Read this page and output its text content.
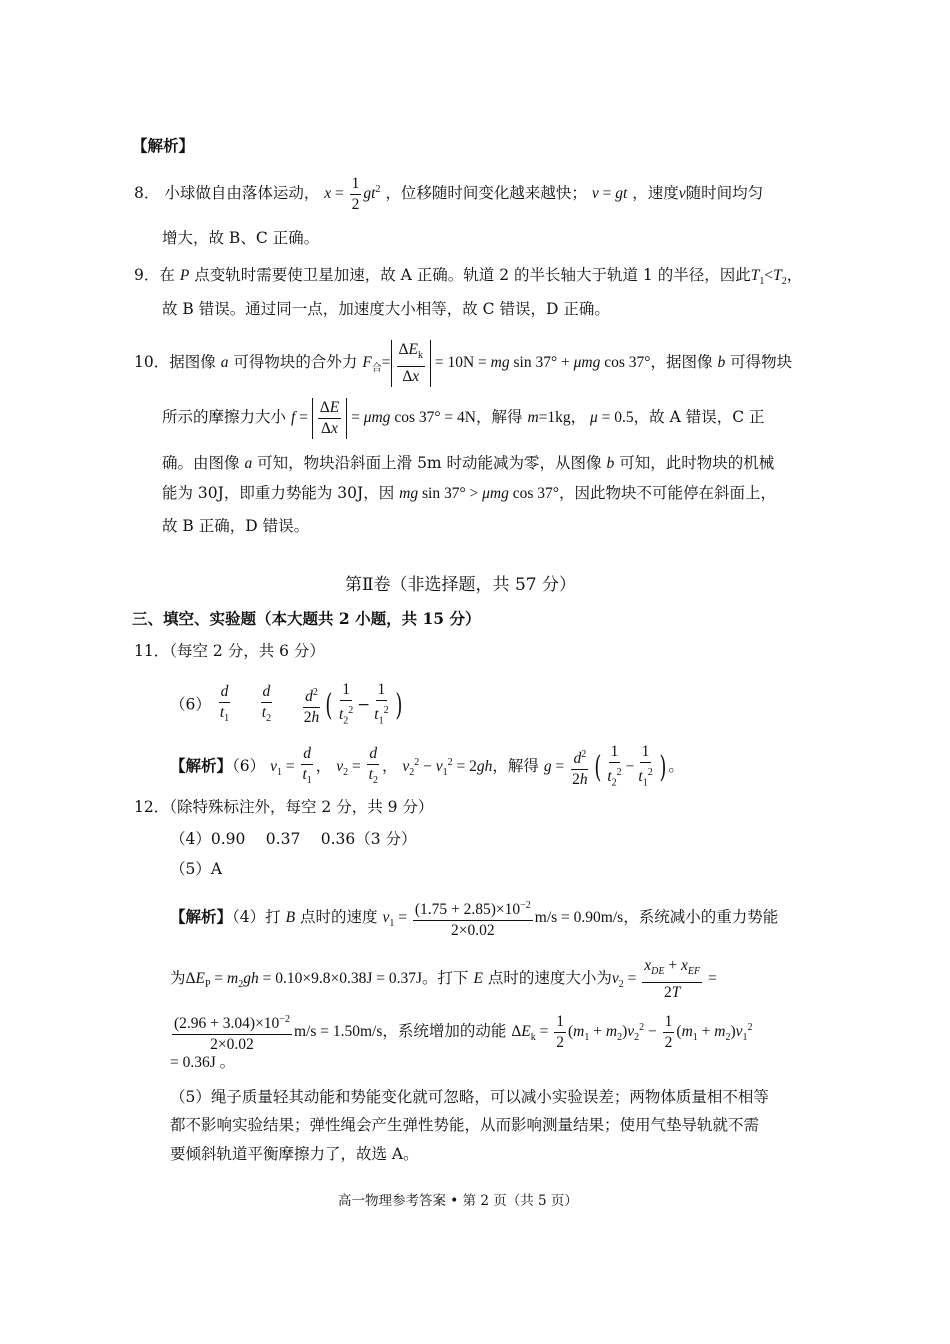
【解析】
8． 小球做自由落体运动， $x = \frac{1}{2} gt^2$ ，位移随时间变化越来越快； v = gt ，速度v随时间均匀
增大，故 B、C 正确。
9．在 P 点变轨时需要使卫星加速，故 A 正确。轨道 2 的半长轴大于轨道 1 的半径，因此$T_1<T_2$，
故 B 错误。通过同一点，加速度大小相等，故 C 错误，D 正确。
10．据图像 a 可得物块的合外力 $F_合=$
$\Delta E_k$
Δx
= 10N = mg sin 37° + μmg cos 37°，据图像 b 可得物块
所示的摩擦力大小 $f = \frac{\Delta E}{\Delta x} = \mu mg$ cos 37° = 4N，解得 m=1kg， μ = 0.5，故 A 错误，C 正
确。由图像 a 可知，物块沿斜面上滑 5m 时动能减为零，从图像 b 可知，此时物块的机械
能为 30J，即重力势能为 30J，因 mg sin 37° > μmg cos 37°，因此物块不可能停在斜面上，
故 B 正确，D 错误。
第Ⅱ卷（非选择题，共 57 分）
三、填空、实验题（本大题共 2 小题，共 15 分）
11．（每空 2 分，共 6 分）
$(6) \frac{d}{t_1}$
$\frac{d}{t_2}$
$\frac{d^2}{2h}$ ( $\frac{1}{t_2^2} - \frac{1}{t_1^2}$ )
【解析】（6） $v_1 = \frac{d}{t_1}$ ， $v_2 = \frac{d}{t_2}$ ， $v_2^2 - v_1^2 = 2gh$，解得 $g = \frac{d^2}{2h}$ ( $\frac{1}{t_2^2} - \frac{1}{t_1^2}$ ) 。
12．（除特殊标注外，每空 2 分，共 9 分）
（4）0.90　 0.37　 0.36（3 分）
（5）A
【解析】（4）打 B 点时的速度 $v_1 = \frac{(1.75 + 2.85)\times 10^{-2}}{2\times 0.02} m/s = 0.90m/s$，系统减小的重力势能
为$\Delta E_P = m_2gh = 0.10\times 9.8\times 0.38J = 0.37J$。打下 E 点时的速度大小为$v_2$ =
$x_{DE} + x_{EF}$
2T
=
$\frac{(2.96 + 3.04)\times 10^{-2}}{2\times 0.02} m/s = 1.50m/s$，系统增加的动能 $\Delta E_k = \frac{1}{2} (m_1 + m_2)v_2^2 - \frac{1}{2} (m_1 + m_2)v_1^2$
= 0.36J 。
（5）绳子质量轻其动能和势能变化就可忽略，可以减小实验误差；两物体质量相不相等
都不影响实验结果；弹性绳会产生弹性势能，从而影响测量结果；使用气垫导轨就不需
要倾斜轨道平衡摩擦力了，故选 A。
高一物理参考答案 • 第 2 页（共 5 页）
